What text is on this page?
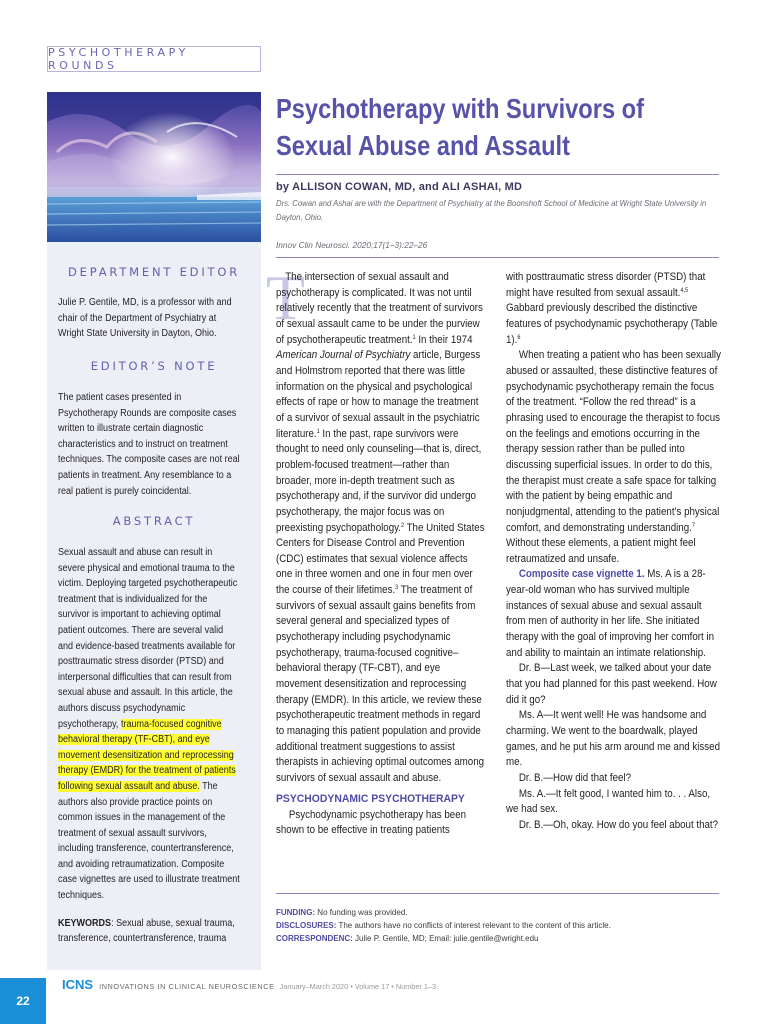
PSYCHOTHERAPY ROUNDS
DEPARTMENT EDITOR

Julie P. Gentile, MD, is a professor with and chair of the Department of Psychiatry at Wright State University in Dayton, Ohio.

EDITOR’S NOTE

The patient cases presented in Psychotherapy Rounds are composite cases written to illustrate certain diagnostic characteristics and to instruct on treatment techniques. The composite cases are not real patients in treatment. Any resemblance to a real patient is purely coincidental.

ABSTRACT

Sexual assault and abuse can result in severe physical and emotional trauma to the victim. Deploying targeted psychotherapeutic treatment that is individualized for the survivor is important to achieving optimal patient outcomes. There are several valid and evidence-based treatments available for posttraumatic stress disorder (PTSD) and interpersonal difficulties that can result from sexual abuse and assault. In this article, the authors discuss psychodynamic psychotherapy, trauma-focused cognitive behavioral therapy (TF-CBT), and eye movement desensitization and reprocessing therapy (EMDR) for the treatment of patients following sexual assault and abuse. The authors also provide practice points on common issues in the management of the treatment of sexual assault survivors, including transference, countertransference, and avoiding retraumatization. Composite case vignettes are used to illustrate treatment techniques.

KEYWORDS: Sexual abuse, sexual trauma, transference, countertransference, trauma

Psychotherapy with Survivors of
Sexual Abuse and Assault
by ALLISON COWAN, MD, and ALI ASHAI, MD
Drs. Cowan and Ashai are with the Department of Psychiatry at the Boonshoft School of Medicine at Wright State University in
Dayton, Ohio.
Innov Clin Neurosci. 2020;17(1–3):22–26
T

The intersection of sexual assault and psychotherapy is complicated. It was not until relatively recently that the treatment of survivors of sexual assault came to be under the purview of psychotherapeutic treatment.$^1$ In their 1974 American Journal of Psychiatry article, Burgess and Holmstrom reported that there was little information on the physical and psychological effects of rape or how to manage the treatment of a survivor of sexual assault in the psychiatric literature.$^1$ In the past, rape survivors were thought to need only counseling—that is, direct, problem-focused treatment—rather than broader, more in-depth treatment such as psychotherapy and, if the survivor did undergo psychotherapy, the major focus was on preexisting psychopathology.$^2$ The United States Centers for Disease Control and Prevention (CDC) estimates that sexual violence affects one in three women and one in four men over the course of their lifetimes.$^3$ The treatment of survivors of sexual assault gains benefits from several general and specialized types of psychotherapy including psychodynamic psychotherapy, trauma-focused cognitive–behavioral therapy (TF-CBT), and eye movement desensitization and reprocessing therapy (EMDR). In this article, we review these psychotherapeutic treatment methods in regard to managing this patient population and provide additional treatment suggestions to assist therapists in achieving optimal outcomes among survivors of sexual assault and abuse.

PSYCHODYNAMIC PSYCHOTHERAPY

Psychodynamic psychotherapy has been shown to be effective in treating patients

with posttraumatic stress disorder (PTSD) that might have resulted from sexual assault.$^{4,5}$ Gabbard previously described the distinctive features of psychodynamic psychotherapy (Table 1).$^6$

When treating a patient who has been sexually abused or assaulted, these distinctive features of psychodynamic psychotherapy remain the focus of the treatment. “Follow the red thread” is a phrasing used to encourage the therapist to focus on the feelings and emotions occurring in the therapy session rather than be pulled into discussing superficial issues. In order to do this, the therapist must create a safe space for talking with the patient by being empathic and nonjudgmental, attending to the patient’s physical comfort, and demonstrating understanding.$^7$ Without these elements, a patient might feel retraumatized and unsafe.

Composite case vignette 1. Ms. A is a 28-year-old woman who has survived multiple instances of sexual abuse and sexual assault from men of authority in her life. She initiated therapy with the goal of improving her comfort in and ability to maintain an intimate relationship.

Dr. B—Last week, we talked about your date that you had planned for this past weekend. How did it go?

Ms. A—It went well! He was handsome and charming. We went to the boardwalk, played games, and he put his arm around me and kissed me.

Dr. B.—How did that feel?

Ms. A.—It felt good, I wanted him to. . . Also, we had sex.

Dr. B.—Oh, okay. How do you feel about that?

FUNDING: No funding was provided.
DISCLOSURES: The authors have no conflicts of interest relevant to the content of this article.
CORRESPONDENC: Julie P. Gentile, MD; Email: julie.gentile@wright.edu
22
ICNS INNOVATIONS IN CLINICAL NEUROSCIENCE January–March 2020 • Volume 17 • Number 1–3
